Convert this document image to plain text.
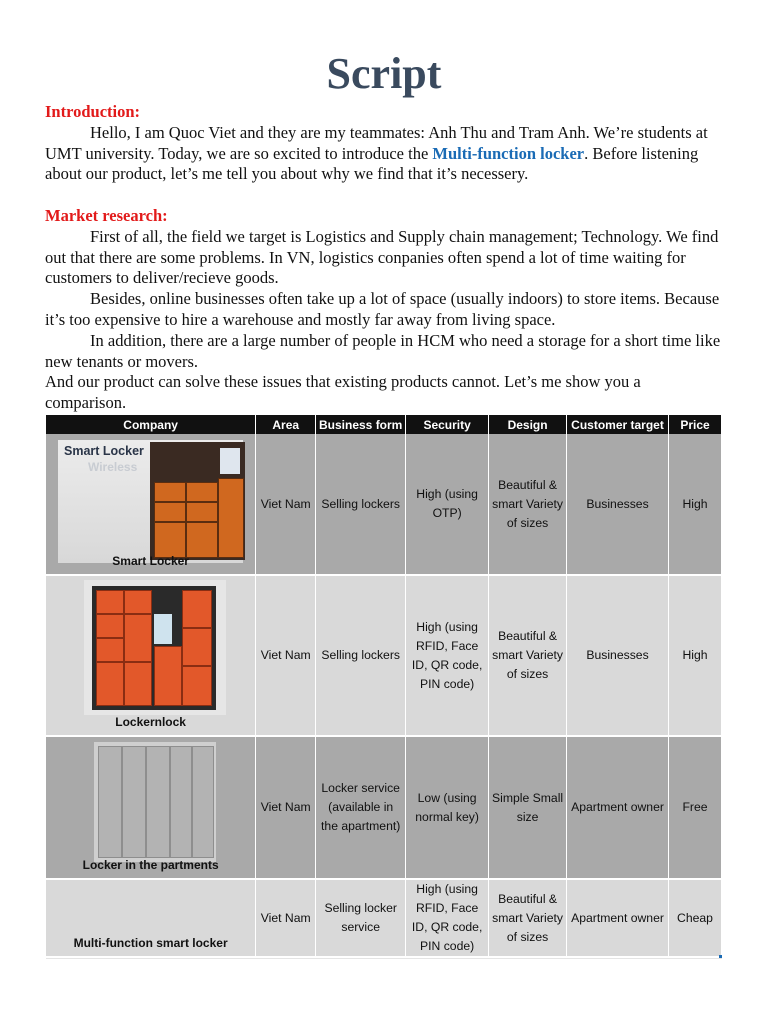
Script
Introduction:
Hello, I am Quoc Viet and they are my teammates: Anh Thu and Tram Anh. We’re students at UMT university. Today, we are so excited to introduce the Multi-function locker. Before listening about our product, let’s me tell you about why we find that it’s necessery.
Market research:
First of all, the field we target is Logistics and Supply chain management; Technology. We find out that there are some problems. In VN, logistics conpanies often spend a lot of time waiting for customers to deliver/recieve goods.
Besides, online businesses often take up a lot of space (usually indoors) to store items. Because it’s too expensive to hire a warehouse and mostly far away from living space.
In addition, there are a large number of people in HCM who need a storage for a short time like new tenants or movers.
And our product can solve these issues that existing products cannot. Let’s me show you a comparison.
Company	Area	Business form	Security	Design	Customer target	Price

Smart Locker
Wireless
Smart Locker	Viet Nam	Selling lockers	High (using OTP)	Beautiful & smart Variety of sizes	Businesses	High

Lockernlock	Viet Nam	Selling lockers	High (using RFID, Face ID, QR code, PIN code)	Beautiful & smart Variety of sizes	Businesses	High

Locker in the partments	Viet Nam	Locker service (available in the apartment)	Low (using normal key)	Simple Small size	Apartment owner	Free

Multi-function smart locker	Viet Nam	Selling locker service	High (using RFID, Face ID, QR code, PIN code)	Beautiful & smart Variety of sizes	Apartment owner	Cheap
